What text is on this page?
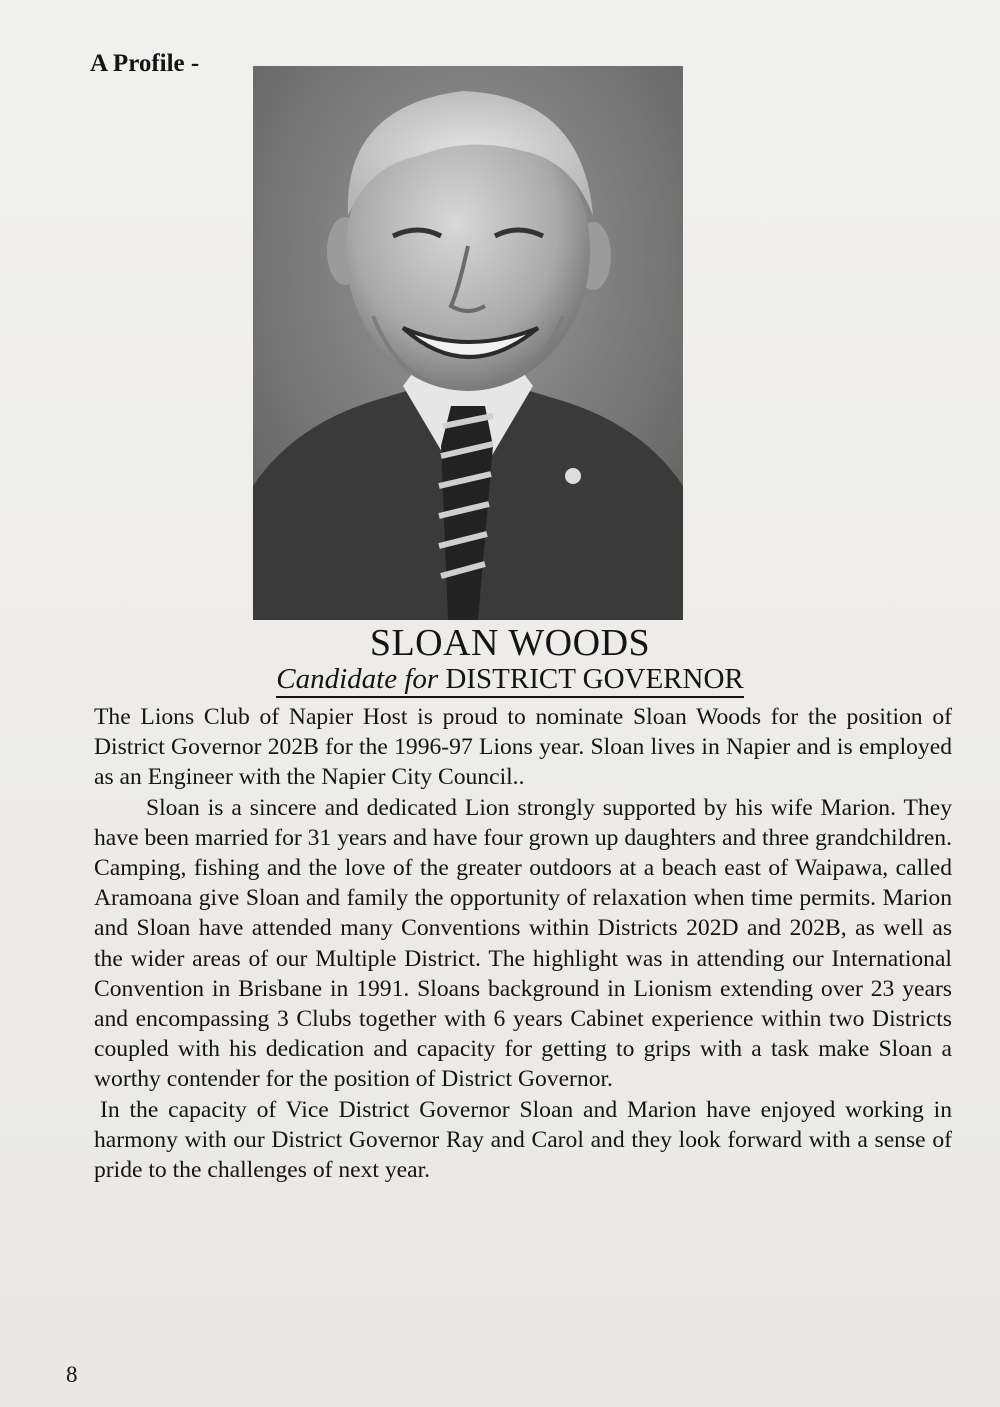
A Profile -
SLOAN WOODS
Candidate for DISTRICT GOVERNOR

The Lions Club of Napier Host is proud to nominate Sloan Woods for the position of District Governor 202B for the 1996-97 Lions year. Sloan lives in Napier and is employed as an Engineer with the Napier City Council..

Sloan is a sincere and dedicated Lion strongly supported by his wife Marion. They have been married for 31 years and have four grown up daughters and three grandchildren. Camping, fishing and the love of the greater outdoors at a beach east of Waipawa, called Aramoana give Sloan and family the opportunity of relaxation when time permits. Marion and Sloan have attended many Conventions within Districts 202D and 202B, as well as the wider areas of our Multiple District. The highlight was in attending our International Convention in Brisbane in 1991. Sloans background in Lionism extending over 23 years and encompassing 3 Clubs together with 6 years Cabinet experience within two Districts coupled with his dedication and capacity for getting to grips with a task make Sloan a worthy contender for the position of District Governor.

In the capacity of Vice District Governor Sloan and Marion have enjoyed working in harmony with our District Governor Ray and Carol and they look forward with a sense of pride to the challenges of next year.

8
